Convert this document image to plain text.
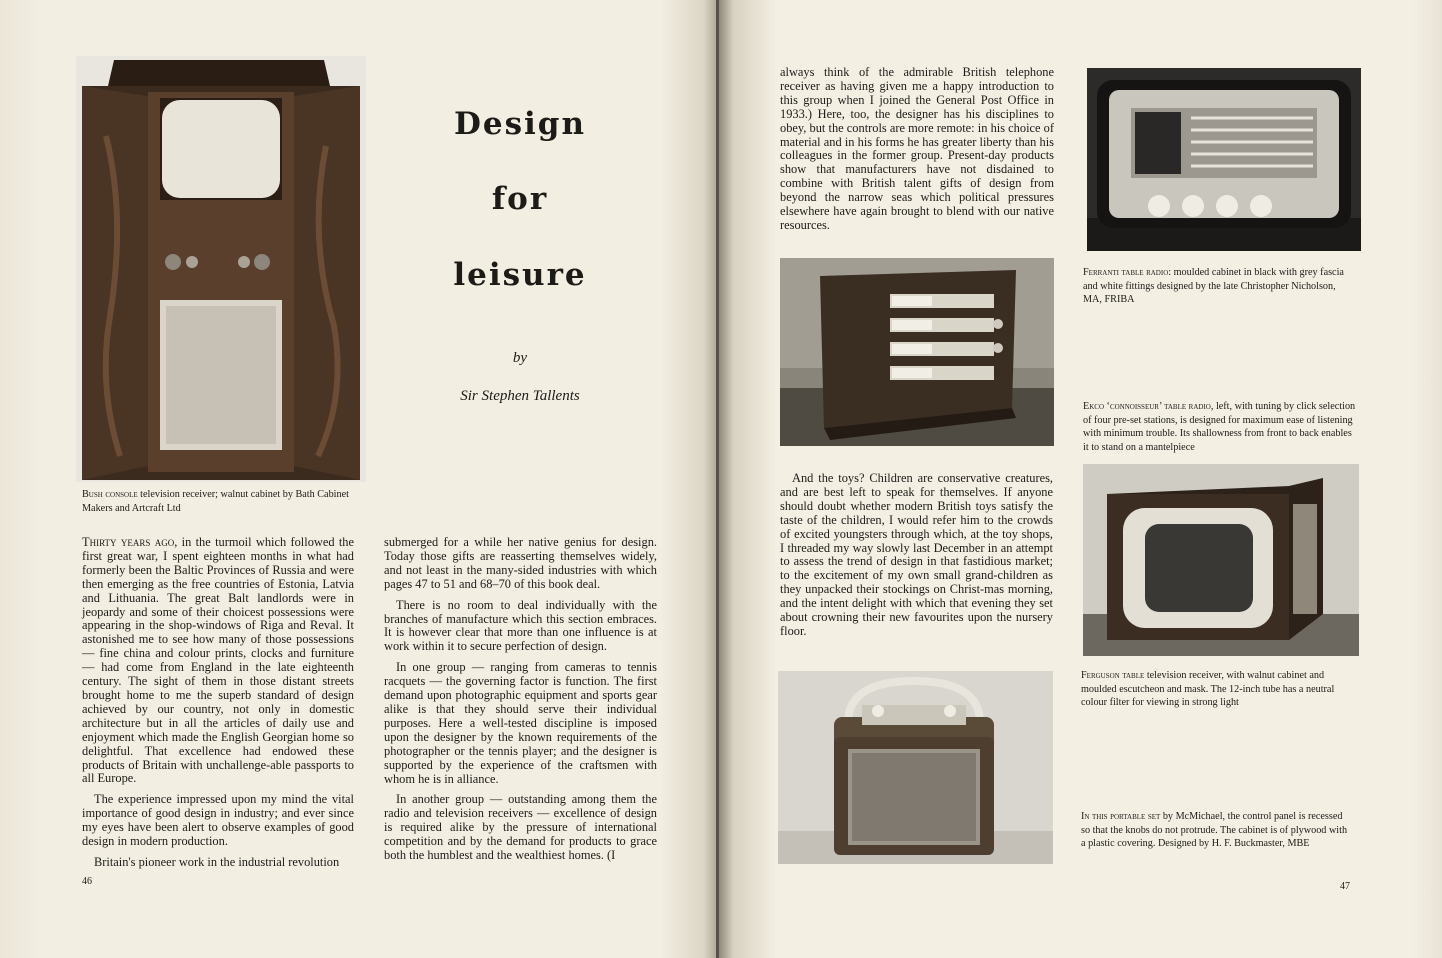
Bush console television receiver; walnut cabinet by Bath Cabinet Makers and Artcraft Ltd
Design
for
leisure
by
Sir Stephen Tallents

Thirty years ago, in the turmoil which followed the first great war, I spent eighteen months in what had formerly been the Baltic Provinces of Russia and were then emerging as the free countries of Estonia, Latvia and Lithuania. The great Balt landlords were in jeopardy and some of their choicest possessions were appearing in the shop-windows of Riga and Reval. It astonished me to see how many of those possessions — fine china and colour prints, clocks and furniture — had come from England in the late eighteenth century. The sight of them in those distant streets brought home to me the superb standard of design achieved by our country, not only in domestic architecture but in all the articles of daily use and enjoyment which made the English Georgian home so delightful. That excellence had endowed these products of Britain with unchallenge-able passports to all Europe.

The experience impressed upon my mind the vital importance of good design in industry; and ever since my eyes have been alert to observe examples of good design in modern production.

Britain's pioneer work in the industrial revolution

submerged for a while her native genius for design. Today those gifts are reasserting themselves widely, and not least in the many-sided industries with which pages 47 to 51 and 68–70 of this book deal.

There is no room to deal individually with the branches of manufacture which this section embraces. It is however clear that more than one influence is at work within it to secure perfection of design.

In one group — ranging from cameras to tennis racquets — the governing factor is function. The first demand upon photographic equipment and sports gear alike is that they should serve their individual purposes. Here a well-tested discipline is imposed upon the designer by the known requirements of the photographer or the tennis player; and the designer is supported by the experience of the craftsmen with whom he is in alliance.

In another group — outstanding among them the radio and television receivers — excellence of design is required alike by the pressure of international competition and by the demand for products to grace both the humblest and the wealthiest homes. (I

46

always think of the admirable British telephone receiver as having given me a happy introduction to this group when I joined the General Post Office in 1933.) Here, too, the designer has his disciplines to obey, but the controls are more remote: in his choice of material and in his forms he has greater liberty than his colleagues in the former group. Present-day products show that manufacturers have not disdained to combine with British talent gifts of design from beyond the narrow seas which political pressures elsewhere have again brought to blend with our native resources.

Ferranti table radio: moulded cabinet in black with grey fascia and white fittings designed by the late Christopher Nicholson, MA, FRIBA
Ekco ‘connoisseur’ table radio, left, with tuning by click selection of four pre-set stations, is designed for maximum ease of listening with minimum trouble. Its shallowness from front to back enables it to stand on a mantelpiece

And the toys? Children are conservative creatures, and are best left to speak for themselves. If anyone should doubt whether modern British toys satisfy the taste of the children, I would refer him to the crowds of excited youngsters through which, at the toy shops, I threaded my way slowly last December in an attempt to assess the trend of design in that fastidious market; to the excitement of my own small grand-children as they unpacked their stockings on Christ-mas morning, and the intent delight with which that evening they set about crowning their new favourites upon the nursery floor.

Ferguson table television receiver, with walnut cabinet and moulded escutcheon and mask. The 12-inch tube has a neutral colour filter for viewing in strong light
In this portable set by McMichael, the control panel is recessed so that the knobs do not protrude. The cabinet is of plywood with a plastic covering. Designed by H. F. Buckmaster, MBE
47
